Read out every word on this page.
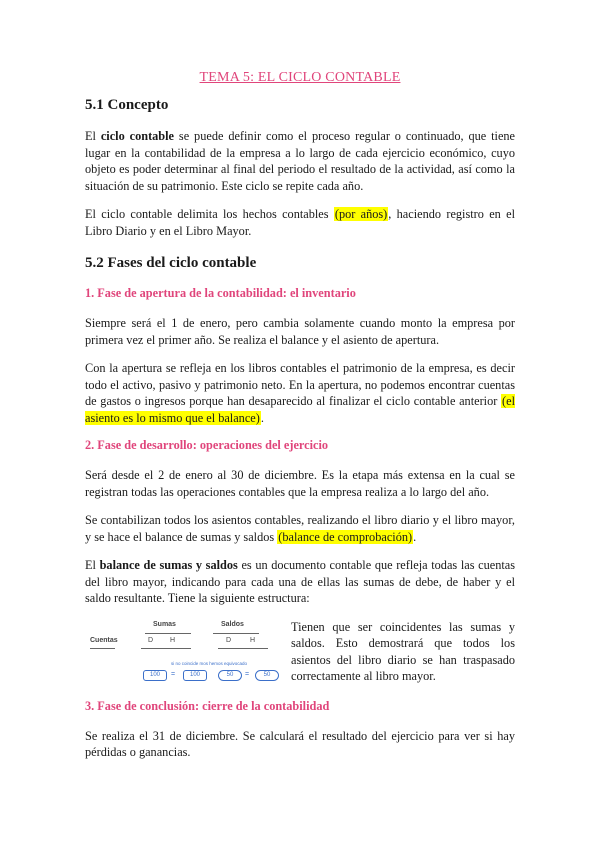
TEMA 5: EL CICLO CONTABLE
5.1 Concepto

El ciclo contable se puede definir como el proceso regular o continuado, que tiene lugar en la contabilidad de la empresa a lo largo de cada ejercicio económico, cuyo objeto es poder determinar al final del periodo el resultado de la actividad, así como la situación de su patrimonio. Este ciclo se repite cada año.

El ciclo contable delimita los hechos contables (por años), haciendo registro en el Libro Diario y en el Libro Mayor.

5.2 Fases del ciclo contable
1. Fase de apertura de la contabilidad: el inventario

Siempre será el 1 de enero, pero cambia solamente cuando monto la empresa por primera vez el primer año. Se realiza el balance y el asiento de apertura.

Con la apertura se refleja en los libros contables el patrimonio de la empresa, es decir todo el activo, pasivo y patrimonio neto. En la apertura, no podemos encontrar cuentas de gastos o ingresos porque han desaparecido al finalizar el ciclo contable anterior (el asiento es lo mismo que el balance).

2. Fase de desarrollo: operaciones del ejercicio

Será desde el 2 de enero al 30 de diciembre. Es la etapa más extensa en la cual se registran todas las operaciones contables que la empresa realiza a lo largo del año.

Se contabilizan todos los asientos contables, realizando el libro diario y el libro mayor, y se hace el balance de sumas y saldos (balance de comprobación).

El balance de sumas y saldos es un documento contable que refleja todas las cuentas del libro mayor, indicando para cada una de ellas las sumas de debe, de haber y el saldo resultante. Tiene la siguiente estructura:

Sumas	Saldos
Cuentas	D H	D	H
si no coincide mos hemos equivocado
100	=	100	50	=	50
Tienen que ser coincidentes las sumas y saldos. Esto demostrará que todos los asientos del libro diario se han traspasado correctamente al libro mayor.
3. Fase de conclusión: cierre de la contabilidad

Se realiza el 31 de diciembre. Se calculará el resultado del ejercicio para ver si hay pérdidas o ganancias.
